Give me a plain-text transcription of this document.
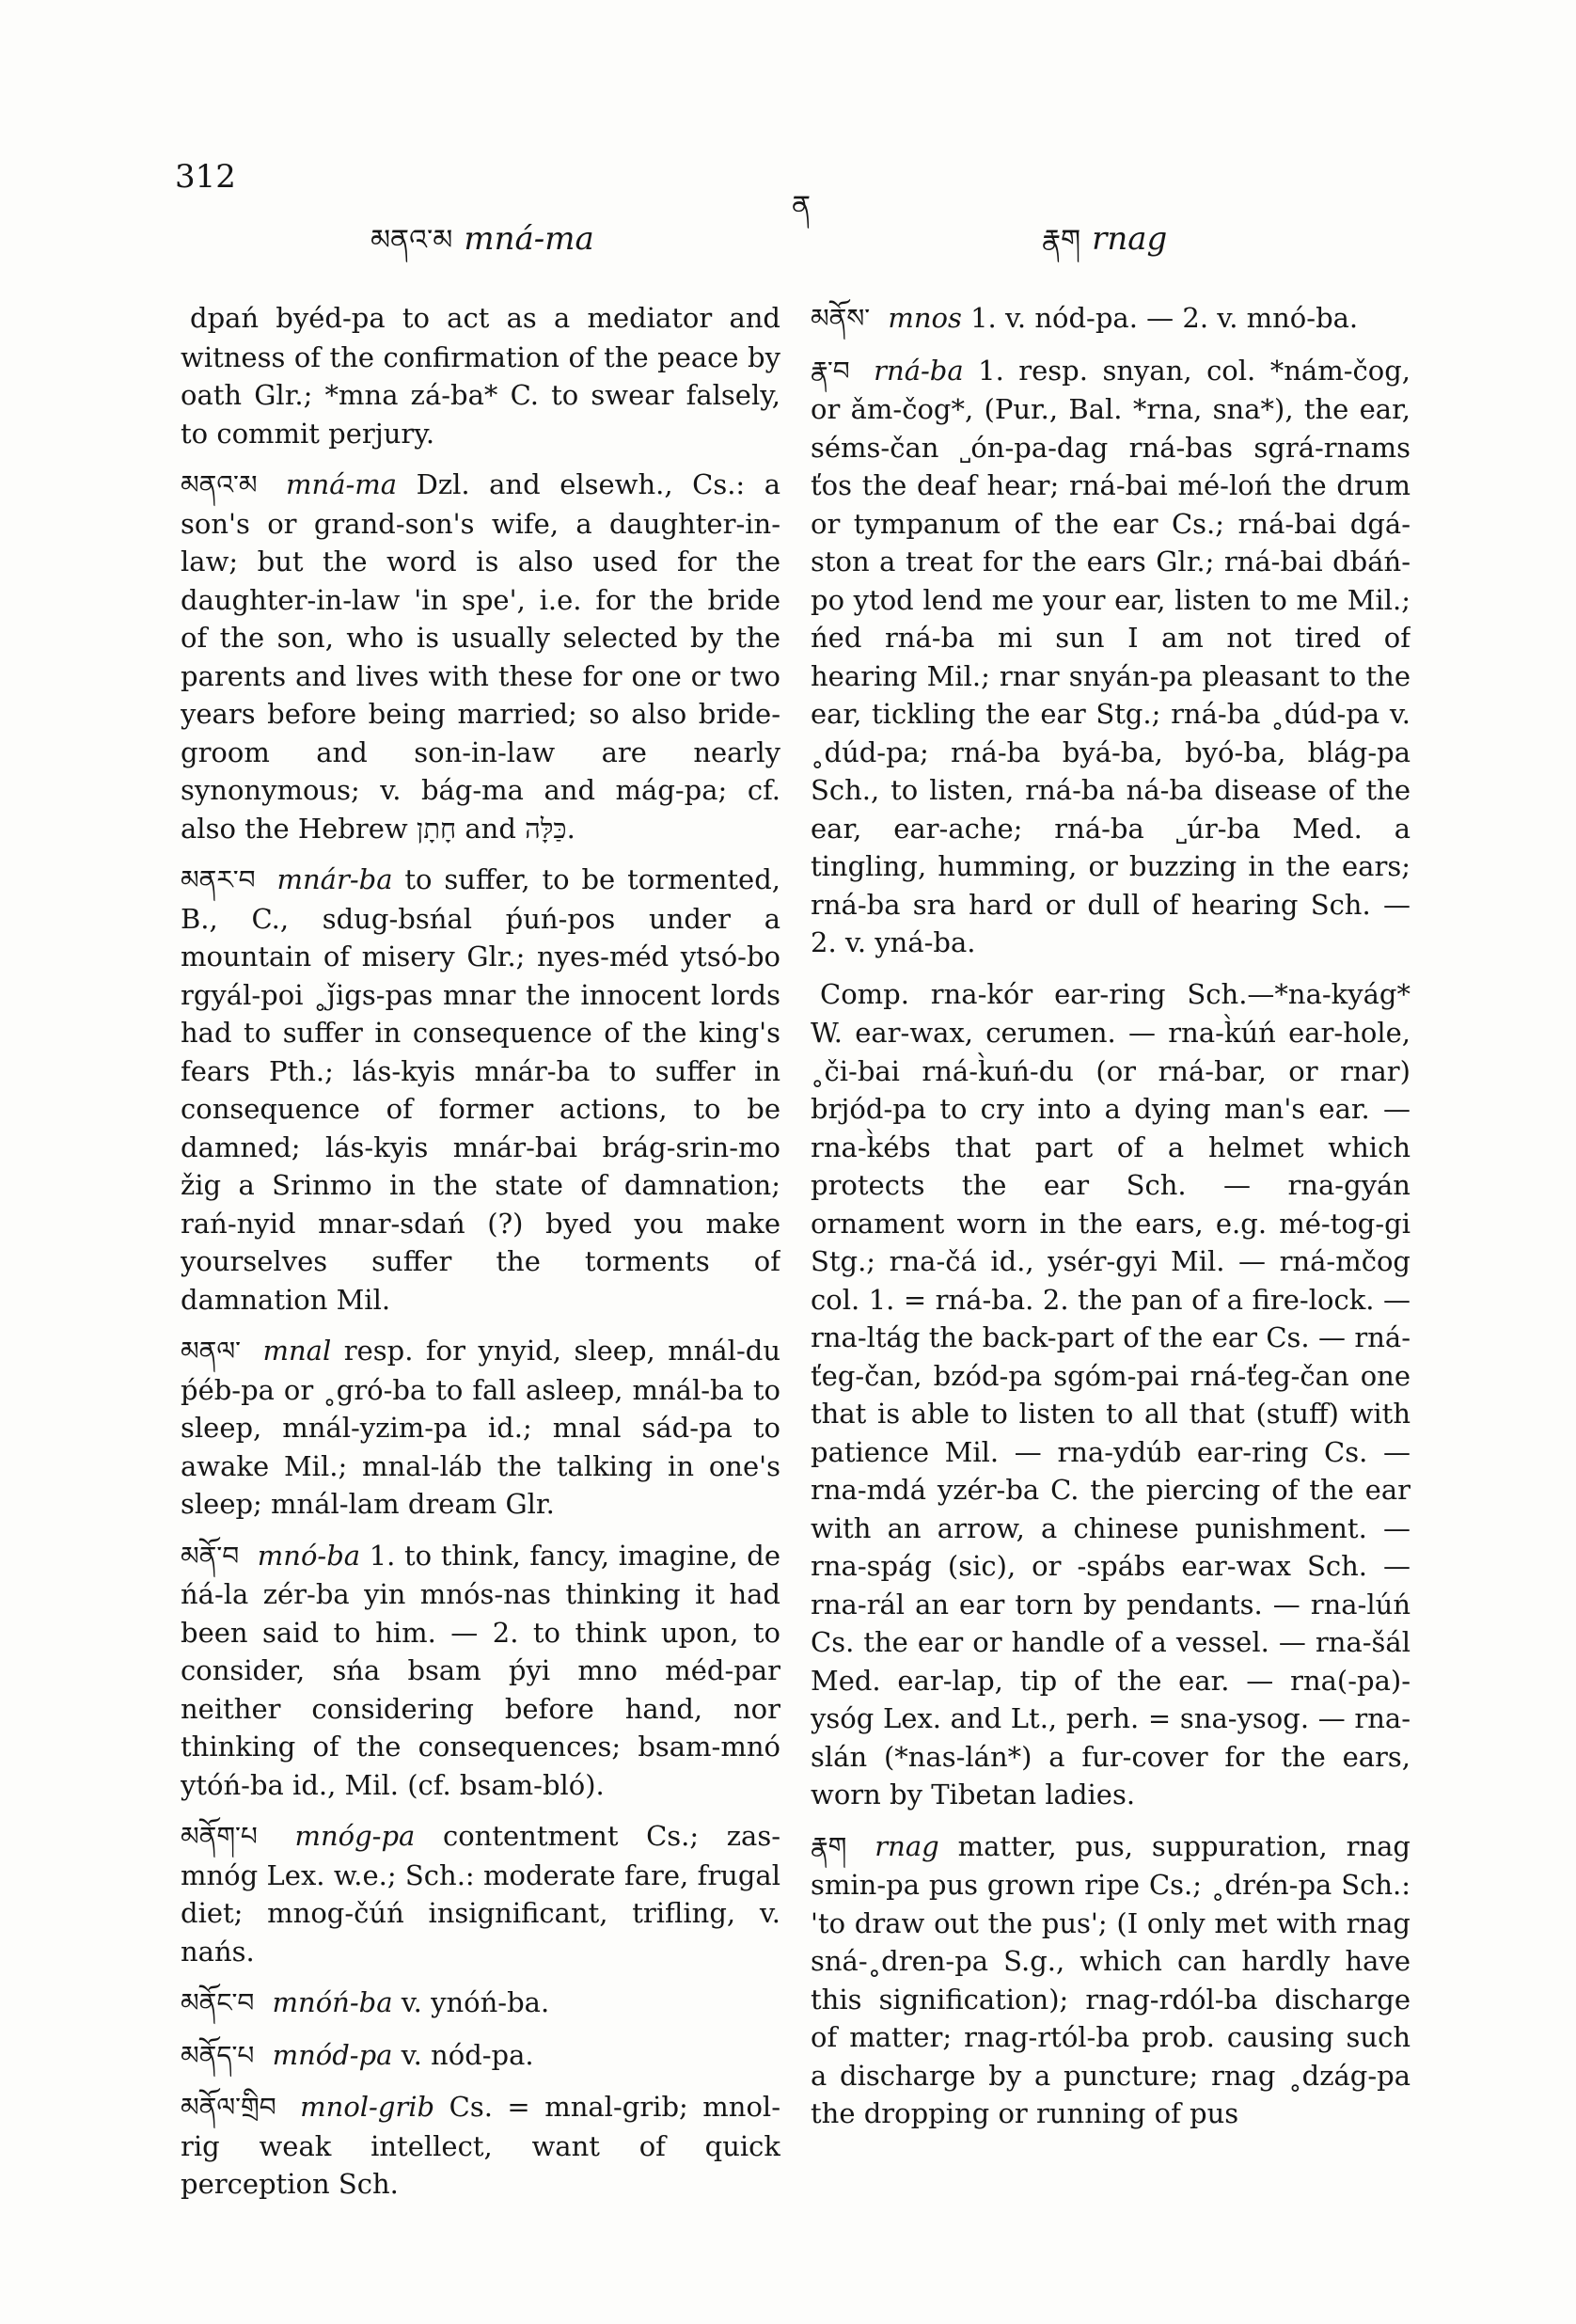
312
མནའ་མ mná-ma
ན
རྣག rnag

dpań byéd-pa to act as a mediator and witness of the confirmation of the peace by oath Glr.; *mna zá-ba* C. to swear falsely, to commit perjury.

མནའ་མ mná-ma Dzl. and elsewh., Cs.: a son's or grand-son's wife, a daughter-in-law; but the word is also used for the daughter-in-law 'in spe', i.e. for the bride of the son, who is usually selected by the parents and lives with these for one or two years before being married; so also bride-groom and son-in-law are nearly synonymous; v. bág-ma and mág-pa; cf. also the Hebrew חָתָן and כַּלָּה.

མནར་བ mnár-ba to suffer, to be tormented, B., C., sdug-bsńal ṕuń-pos under a mountain of misery Glr.; nyes-méd ytsó-bo rgyál-poi ˳ǰigs-pas mnar the innocent lords had to suffer in consequence of the king's fears Pth.; lás-kyis mnár-ba to suffer in consequence of former actions, to be damned; lás-kyis mnár-bai brág-srin-mo žig a Srinmo in the state of damnation; rań-nyid mnar-sdań (?) byed you make yourselves suffer the torments of damnation Mil.

མནལ་ mnal resp. for ynyid, sleep, mnál-du ṕéb-pa or ˳gró-ba to fall asleep, mnál-ba to sleep, mnál-yzim-pa id.; mnal sád-pa to awake Mil.; mnal-láb the talking in one's sleep; mnál-lam dream Glr.

མནོ་བ mnó-ba 1. to think, fancy, imagine, de ńá-la zér-ba yin mnós-nas thinking it had been said to him. — 2. to think upon, to consider, sńa bsam ṕyi mno méd-par neither considering before hand, nor thinking of the consequences; bsam-mnó ytóń-ba id., Mil. (cf. bsam-bló).

མནོག་པ mnóg-pa contentment Cs.; zas-mnóg Lex. w.e.; Sch.: moderate fare, frugal diet; mnog-čúń insignificant, trifling, v. nańs.

མནོང་བ mnóń-ba v. ynóń-ba.

མནོད་པ mnód-pa v. nód-pa.

མནོལ་གྲིབ mnol-grib Cs. = mnal-grib; mnol-rig weak intellect, want of quick perception Sch.

མནོས་ mnos 1. v. nód-pa. — 2. v. mnó-ba.

རྣ་བ rná-ba 1. resp. snyan, col. *nám-čog, or ǎm-čog*, (Pur., Bal. *rna, sna*), the ear, séms-čan ˽ón-pa-dag rná-bas sgrá-rnams ťos the deaf hear; rná-bai mé-loń the drum or tympanum of the ear Cs.; rná-bai dgá-ston a treat for the ears Glr.; rná-bai dbáń-po ytod lend me your ear, listen to me Mil.; ńed rná-ba mi sun I am not tired of hearing Mil.; rnar snyán-pa pleasant to the ear, tickling the ear Stg.; rná-ba ˳dúd-pa v. ˳dúd-pa; rná-ba byá-ba, byó-ba, blág-pa Sch., to listen, rná-ba ná-ba disease of the ear, ear-ache; rná-ba ˽úr-ba Med. a tingling, humming, or buzzing in the ears; rná-ba sra hard or dull of hearing Sch. — 2. v. yná-ba.

Comp. rna-kór ear-ring Sch.—*na-kyág* W. ear-wax, cerumen. — rna-k̀úń ear-hole, ˳či-bai rná-k̀uń-du (or rná-bar, or rnar) brjód-pa to cry into a dying man's ear. — rna-k̀ébs that part of a helmet which protects the ear Sch. — rna-gyán ornament worn in the ears, e.g. mé-tog-gi Stg.; rna-čá id., ysér-gyi Mil. — rná-mčog col. 1. = rná-ba. 2. the pan of a fire-lock. — rna-ltág the back-part of the ear Cs. — rná-ťeg-čan, bzód-pa sgóm-pai rná-ťeg-čan one that is able to listen to all that (stuff) with patience Mil. — rna-ydúb ear-ring Cs. — rna-mdá yzér-ba C. the piercing of the ear with an arrow, a chinese punishment. — rna-spág (sic), or -spábs ear-wax Sch. — rna-rál an ear torn by pendants. — rna-lúń Cs. the ear or handle of a vessel. — rna-šál Med. ear-lap, tip of the ear. — rna(-pa)-ysóg Lex. and Lt., perh. = sna-ysog. — rna-slán (*nas-lán*) a fur-cover for the ears, worn by Tibetan ladies.

རྣག rnag matter, pus, suppuration, rnag smin-pa pus grown ripe Cs.; ˳drén-pa Sch.: 'to draw out the pus'; (I only met with rnag sná-˳dren-pa S.g., which can hardly have this signification); rnag-rdól-ba discharge of matter; rnag-rtól-ba prob. causing such a discharge by a puncture; rnag ˳dzág-pa the dropping or running of pus
